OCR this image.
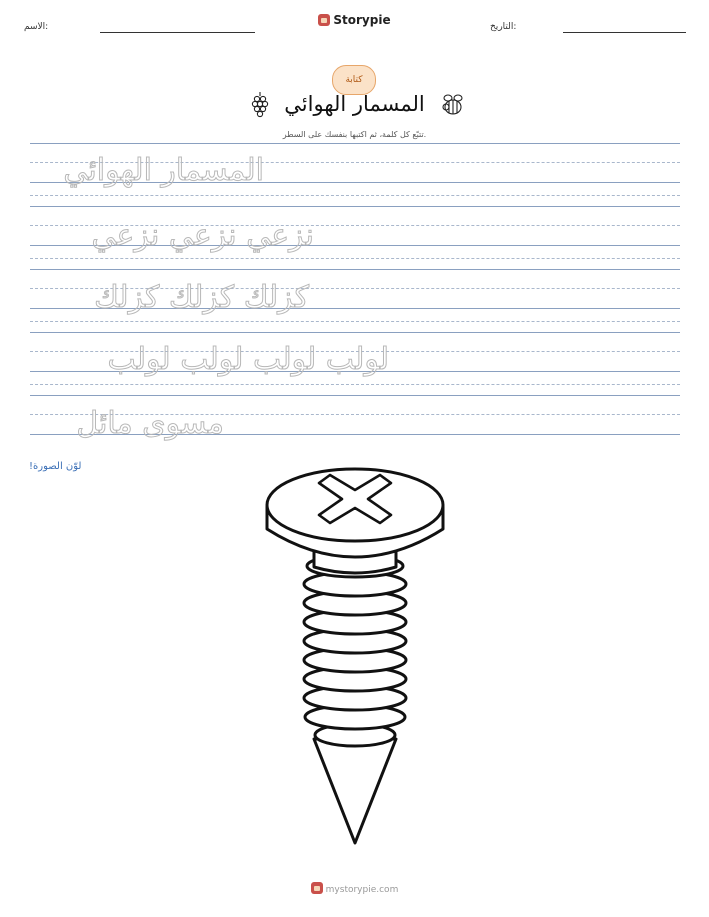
الاسم:	Storypie	التاريخ:
كتابة
المسمار الهوائي
تتبّع كل كلمة، ثم اكتبها بنفسك على السطر.
المسمار الهوائي
نزعي نزعي نزعي
كزلك كزلك كزلك
لولب لولب لولب لولب
مسوى مائل
لوّن الصورة!
mystorypie.com
